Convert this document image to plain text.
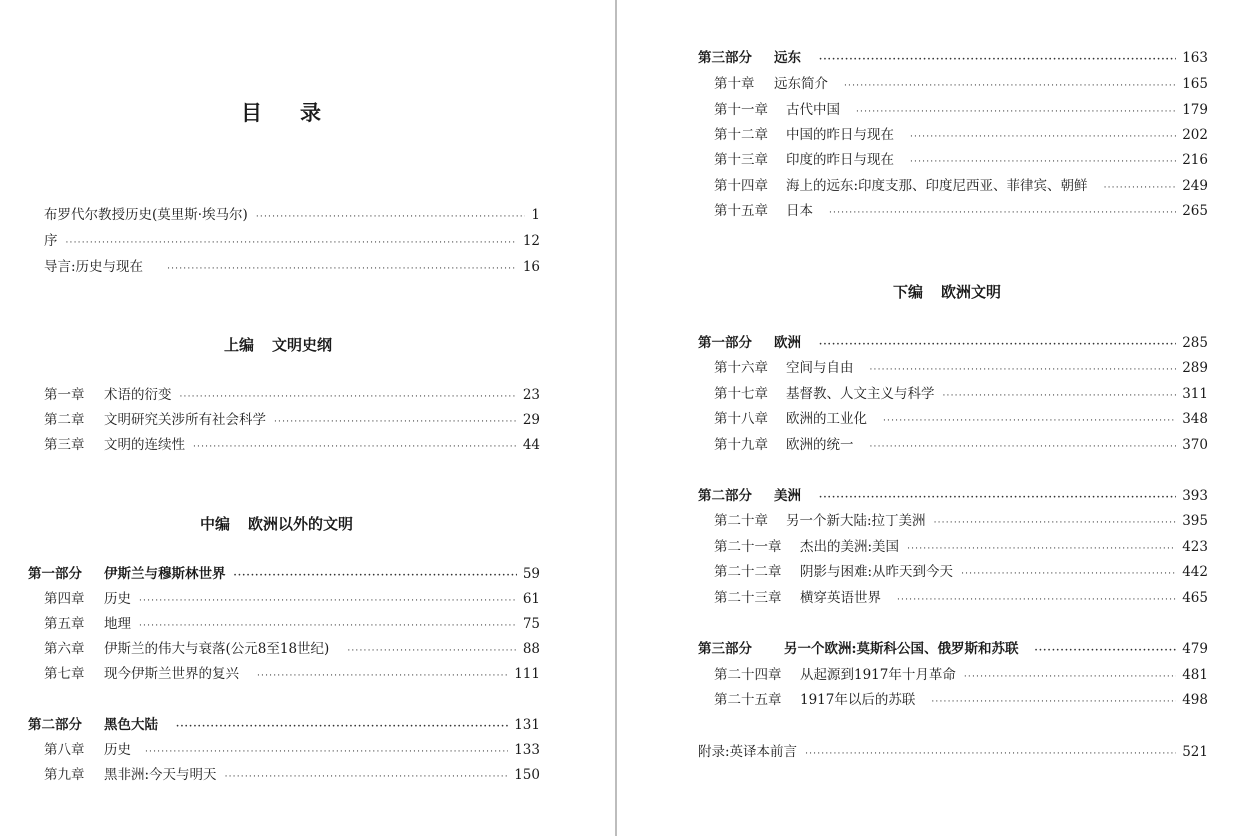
目录
布罗代尔教授历史(莫里斯·埃马尔) ·····	1
序 ·····	12
导言:历史与现在 ·····	16
上编 文明史纲
第一章	术语的衍变 ·····	23
第二章	文明研究关涉所有社会科学 ·····	29
第三章	文明的连续性 ·····	44
中编 欧洲以外的文明
第一部分	伊斯兰与穆斯林世界 ·····	59
第四章	历史 ·····	61
第五章	地理 ·····	75
第六章	伊斯兰的伟大与衰落(公元8至18世纪) ·····	88
第七章	现今伊斯兰世界的复兴 ·····	111
第二部分	黑色大陆 ·····	131
第八章	历史 ·····	133
第九章	黑非洲:今天与明天 ·····	150
第三部分	远东 ·····	163
第十章	远东简介 ·····	165
第十一章	古代中国 ·····	179
第十二章	中国的昨日与现在 ·····	202
第十三章	印度的昨日与现在 ·····	216
第十四章	海上的远东:印度支那、印度尼西亚、菲律宾、朝鲜 ·····	249
第十五章	日本 ·····	265
下编 欧洲文明
第一部分	欧洲 ·····	285
第十六章	空间与自由 ·····	289
第十七章	基督教、人文主义与科学 ·····	311
第十八章	欧洲的工业化 ·····	348
第十九章	欧洲的统一 ·····	370
第二部分	美洲 ·····	393
第二十章	另一个新大陆:拉丁美洲 ·····	395
第二十一章	杰出的美洲:美国 ·····	423
第二十二章	阴影与困难:从昨天到今天 ·····	442
第二十三章	横穿英语世界 ·····	465
第三部分	另一个欧洲:莫斯科公国、俄罗斯和苏联 ·····	479
第二十四章	从起源到1917年十月革命 ·····	481
第二十五章	1917年以后的苏联 ·····	498
附录:英译本前言 ·····	521
